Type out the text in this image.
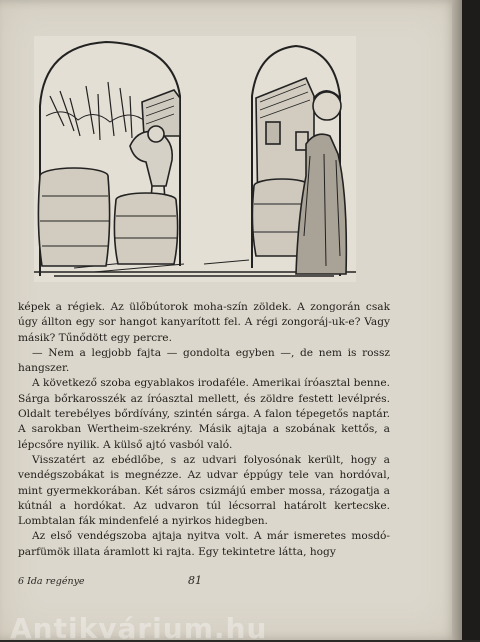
képek a régiek. Az ülőbútorok moha-szín zöldek. A zongorán csak úgy állton egy sor hangot kanyarított fel. A régi zongoráj-uk-e? Vagy másik? Tűnődött egy percre.

— Nem a legjobb fajta — gondolta egyben —, de nem is rossz hangszer.

A következő szoba egyablakos irodaféle. Amerikai íróasztal benne. Sárga bőrkarosszék az íróasztal mellett, és zöldre festett levélprés. Oldalt terebélyes bőrdívány, szintén sárga. A falon tépegetős naptár. A sarokban Wertheim-szekrény. Másik ajtaja a szobának kettős, a lépcsőre nyilik. A külső ajtó vasból való.

Visszatért az ebédlőbe, s az udvari folyosónak került, hogy a vendégszobákat is megnézze. Az udvar éppúgy tele van hordóval, mint gyermekkorában. Két sáros csizmájú ember mossa, rázogatja a kútnál a hordókat. Az udvaron túl lécsorral határolt kertecske. Lombtalan fák mindenfelé a nyirkos hidegben.

Az első vendégszoba ajtaja nyitva volt. A már ismeretes mosdó-parfümök illata áramlott ki rajta. Egy tekintetre látta, hogy

6 Ida regénye	81
Antikvárium.hu
